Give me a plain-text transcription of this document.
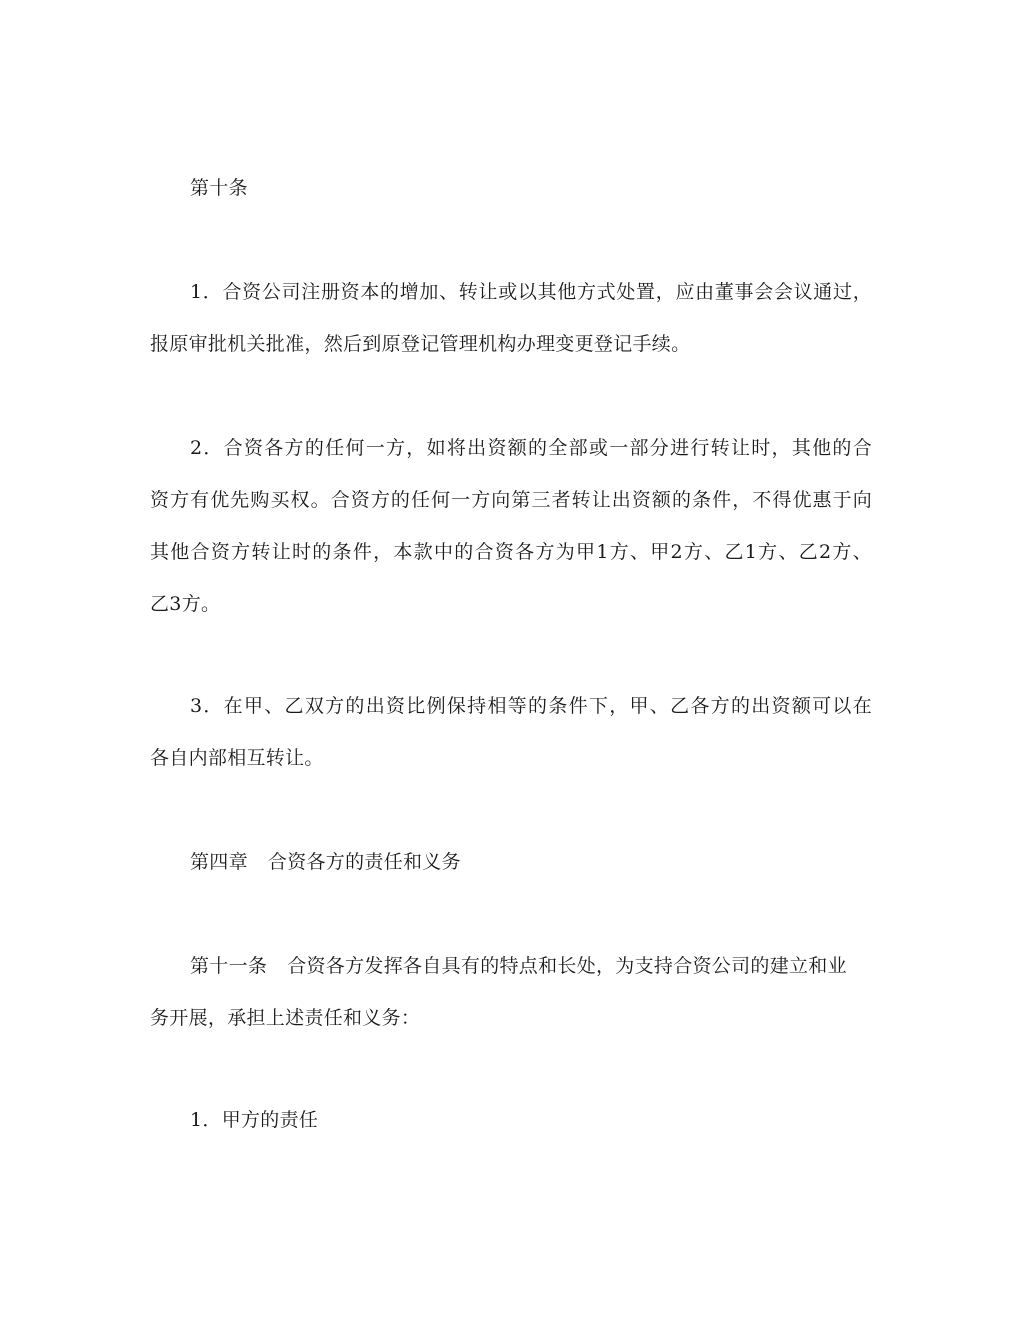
第十条
1．合资公司注册资本的增加、转让或以其他方式处置，应由董事会会议通过，
报原审批机关批准，然后到原登记管理机构办理变更登记手续。
2．合资各方的任何一方，如将出资额的全部或一部分进行转让时，其他的合
资方有优先购买权。合资方的任何一方向第三者转让出资额的条件，不得优惠于向
其他合资方转让时的条件，本款中的合资各方为甲1方、甲2方、乙1方、乙2方、
乙3方。
3．在甲、乙双方的出资比例保持相等的条件下，甲、乙各方的出资额可以在
各自内部相互转让。
第四章 合资各方的责任和义务
第十一条 合资各方发挥各自具有的特点和长处，为支持合资公司的建立和业
务开展，承担上述责任和义务：
1．甲方的责任
